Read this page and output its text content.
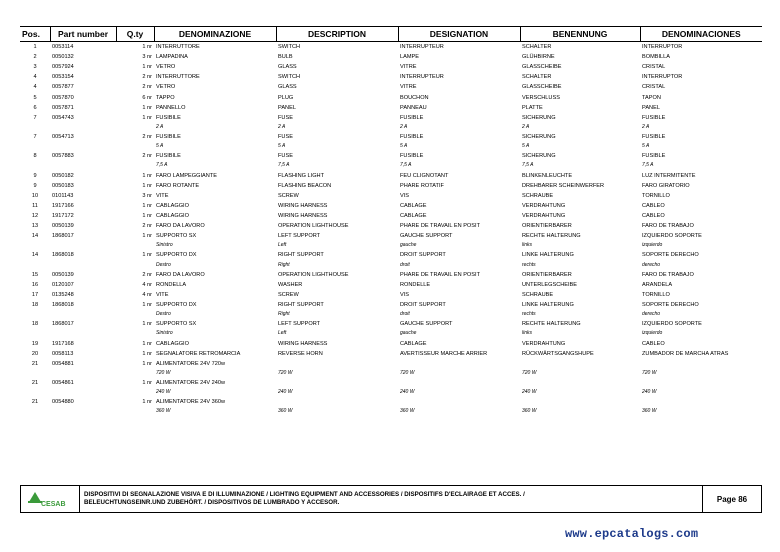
Pos.	Part number	Q.ty	DENOMINAZIONE	DESCRIPTION	DESIGNATION	BENENNUNG	DENOMINACIONES
1	0053114	1 nr	INTERRUTTORE	SWITCH	INTERRUPTEUR	SCHALTER	INTERRUPTOR
2	0050132	3 nr	LAMPADINA	BULB	LAMPE	GLÜHBIRNE	BOMBILLA
3	0057924	1 nr	VETRO	GLASS	VITRE	GLASSCHEIBE	CRISTAL
4	0053154	2 nr	INTERRUTTORE	SWITCH	INTERRUPTEUR	SCHALTER	INTERRUPTOR
4	0057877	2 nr	VETRO	GLASS	VITRE	GLASSCHEIBE	CRISTAL
5	0057870	6 nr	TAPPO	PLUG	BOUCHON	VERSCHLUSS	TAPON
6	0057871	1 nr	PANNELLO	PANEL	PANNEAU	PLATTE	PANEL
7	0054743	1 nr	FUSIBILE	FUSE	FUSIBLE	SICHERUNG	FUSIBLE
			2 A	2 A	2 A	2 A	2 A
7	0054713	2 nr	FUSIBILE	FUSE	FUSIBLE	SICHERUNG	FUSIBLE
			5 A	5 A	5 A	5 A	5 A
8	0057883	2 nr	FUSIBILE	FUSE	FUSIBLE	SICHERUNG	FUSIBLE
			7,5 A	7,5 A	7,5 A	7,5 A	7,5 A
9	0050182	1 nr	FARO LAMPEGGIANTE	FLASHING LIGHT	FEU CLIGNOTANT	BLINKENLEUCHTE	LUZ INTERMITENTE
9	0050183	1 nr	FARO ROTANTE	FLASHING BEACON	PHARE ROTATIF	DREHBARER SCHEINWERFER	FARO GIRATORIO
10	0101143	3 nr	VITE	SCREW	VIS	SCHRAUBE	TORNILLO
11	1917166	1 nr	CABLAGGIO	WIRING HARNESS	CABLAGE	VERDRAHTUNG	CABLEO
12	1917172	1 nr	CABLAGGIO	WIRING HARNESS	CABLAGE	VERDRAHTUNG	CABLEO
13	0050139	2 nr	FARO DA LAVORO	OPERATION LIGHTHOUSE	PHARE DE TRAVAIL EN POSIT	ORIENTIERBARER	FARO DE TRABAJO
14	1868017	1 nr	SUPPORTO SX	LEFT SUPPORT	GAUCHE SUPPORT	RECHTE HALTERUNG	IZQUIERDO SOPORTE
			Sinistro	Left	gauche	links	izquierdo
14	1868018	1 nr	SUPPORTO DX	RIGHT SUPPORT	DROIT SUPPORT	LINKE HALTERUNG	SOPORTE DERECHO
			Destro	Right	droit	rechts	derecho
15	0050139	2 nr	FARO DA LAVORO	OPERATION LIGHTHOUSE	PHARE DE TRAVAIL EN POSIT	ORIENTIERBARER	FARO DE TRABAJO
16	0120107	4 nr	RONDELLA	WASHER	RONDELLE	UNTERLEGSCHEIBE	ARANDELA
17	0135248	4 nr	VITE	SCREW	VIS	SCHRAUBE	TORNILLO
18	1868018	1 nr	SUPPORTO DX	RIGHT SUPPORT	DROIT SUPPORT	LINKE HALTERUNG	SOPORTE DERECHO
			Destro	Right	droit	rechts	derecho
18	1868017	1 nr	SUPPORTO SX	LEFT SUPPORT	GAUCHE SUPPORT	RECHTE HALTERUNG	IZQUIERDO SOPORTE
			Sinistro	Left	gauche	links	izquierdo
19	1917168	1 nr	CABLAGGIO	WIRING HARNESS	CABLAGE	VERDRAHTUNG	CABLEO
20	0058113	1 nr	SEGNALATORE RETROMARCIA	REVERSE HORN	AVERTISSEUR MARCHE ARRIER	RÜCKWÄRTSGANGSHUPE	ZUMBADOR DE MARCHA ATRAS
21	0054881	1 nr	ALIMENTATORE 24V 720w				
			720 W	720 W	720 W	720 W	720 W
21	0054861	1 nr	ALIMENTATORE 24V 240w				
			240 W	240 W	240 W	240 W	240 W
21	0054880	1 nr	ALIMENTATORE 24V 360w				
			360 W	360 W	360 W	360 W	360 W
CESAB
DISPOSITIVI DI SEGNALAZIONE VISIVA E DI ILLUMINAZIONE / LIGHTING EQUIPMENT AND ACCESSORIES / DISPOSITIFS D'ECLAIRAGE ET ACCES. /
BELEUCHTUNGSEINR.UND ZUBEHÖRT. / DISPOSITIVOS DE LUMBRADO Y ACCESOR.	Page 86
www.epcatalogs.com
